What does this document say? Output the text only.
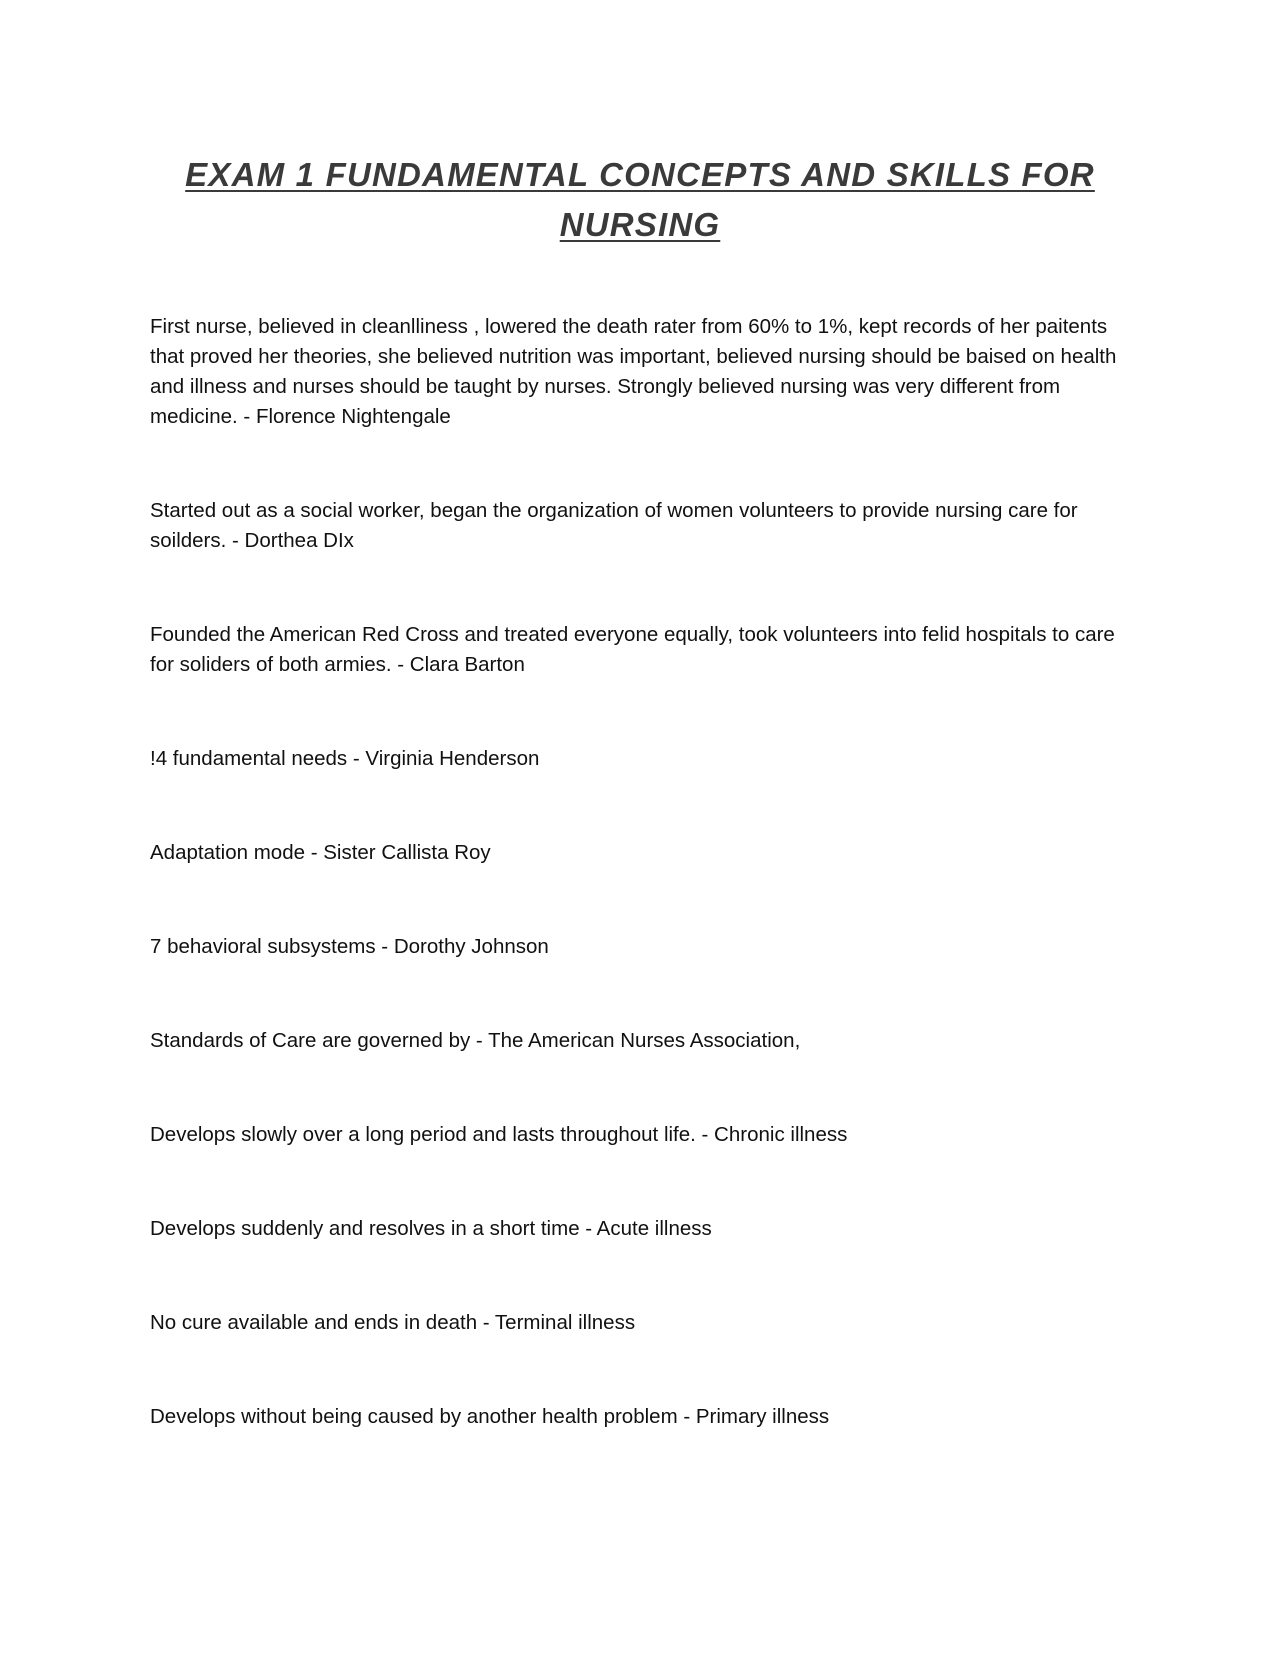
EXAM 1 FUNDAMENTAL CONCEPTS AND SKILLS FOR NURSING

First nurse, believed in cleanlliness , lowered the death rater from 60% to 1%, kept records of her paitents that proved her theories, she believed nutrition was important, believed nursing should be baised on health and illness and nurses should be taught by nurses. Strongly believed nursing was very different from medicine. - Florence Nightengale

Started out as a social worker, began the organization of women volunteers to provide nursing care for soilders. - Dorthea DIx

Founded the American Red Cross and treated everyone equally, took volunteers into felid hospitals to care for soliders of both armies. - Clara Barton

!4 fundamental needs - Virginia Henderson

Adaptation mode - Sister Callista Roy

7 behavioral subsystems - Dorothy Johnson

Standards of Care are governed by - The American Nurses Association,

Develops slowly over a long period and lasts throughout life. - Chronic illness

Develops suddenly and resolves in a short time - Acute illness

No cure available and ends in death - Terminal illness

Develops without being caused by another health problem - Primary illness
